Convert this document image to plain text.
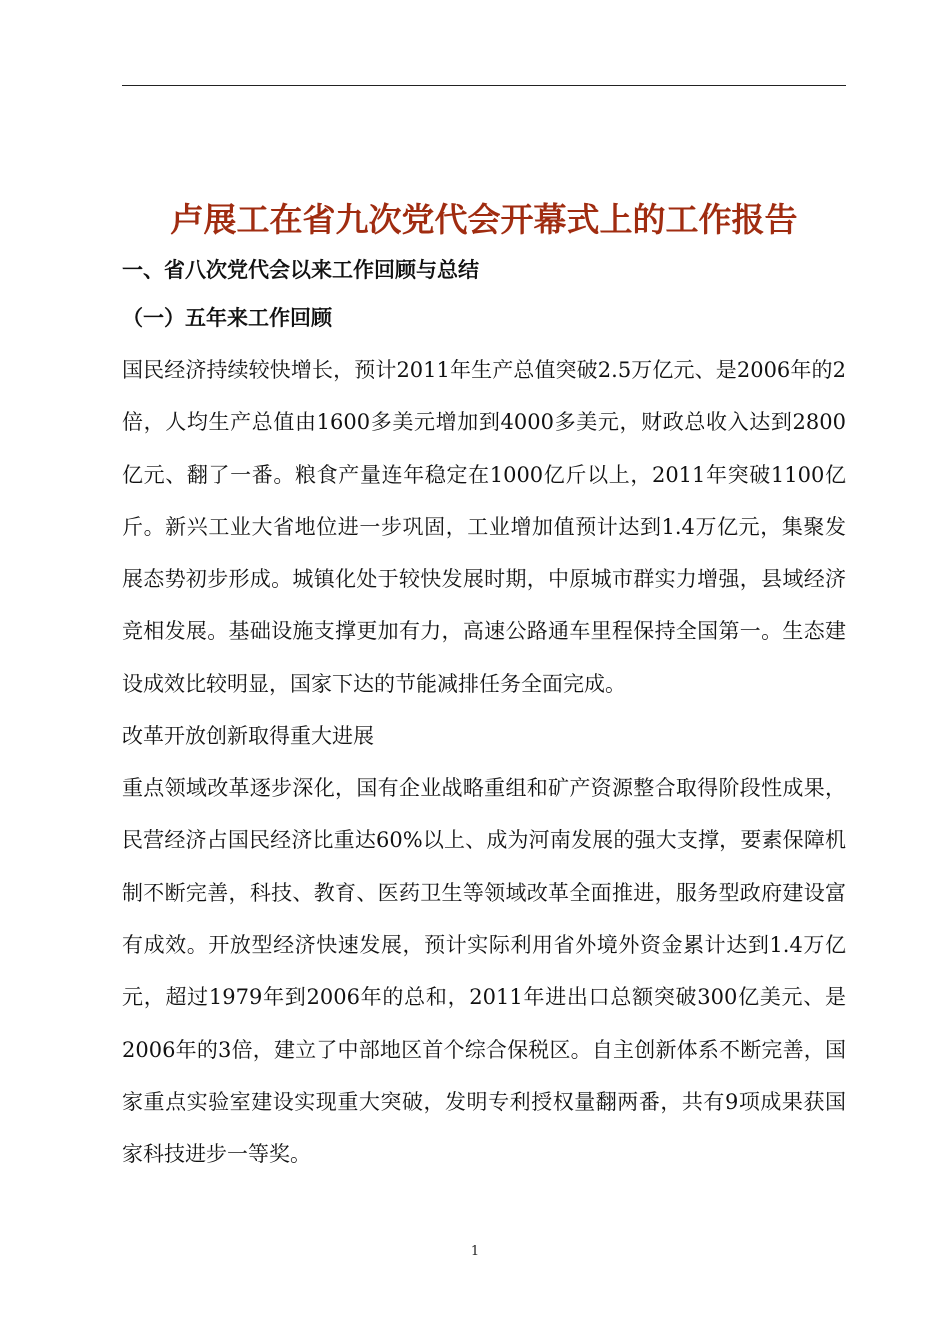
卢展工在省九次党代会开幕式上的工作报告
一、省八次党代会以来工作回顾与总结
（一）五年来工作回顾

国民经济持续较快增长，预计2011年生产总值突破2.5万亿元、是2006年的2倍，人均生产总值由1600多美元增加到4000多美元，财政总收入达到2800亿元、翻了一番。粮食产量连年稳定在1000亿斤以上，2011年突破1100亿斤。新兴工业大省地位进一步巩固，工业增加值预计达到1.4万亿元，集聚发展态势初步形成。城镇化处于较快发展时期，中原城市群实力增强，县域经济竞相发展。基础设施支撑更加有力，高速公路通车里程保持全国第一。生态建设成效比较明显，国家下达的节能减排任务全面完成。

改革开放创新取得重大进展

重点领域改革逐步深化，国有企业战略重组和矿产资源整合取得阶段性成果，民营经济占国民经济比重达60%以上、成为河南发展的强大支撑，要素保障机制不断完善，科技、教育、医药卫生等领域改革全面推进，服务型政府建设富有成效。开放型经济快速发展，预计实际利用省外境外资金累计达到1.4万亿元，超过1979年到2006年的总和，2011年进出口总额突破300亿美元、是2006年的3倍，建立了中部地区首个综合保税区。自主创新体系不断完善，国家重点实验室建设实现重大突破，发明专利授权量翻两番，共有9项成果获国家科技进步一等奖。

1
